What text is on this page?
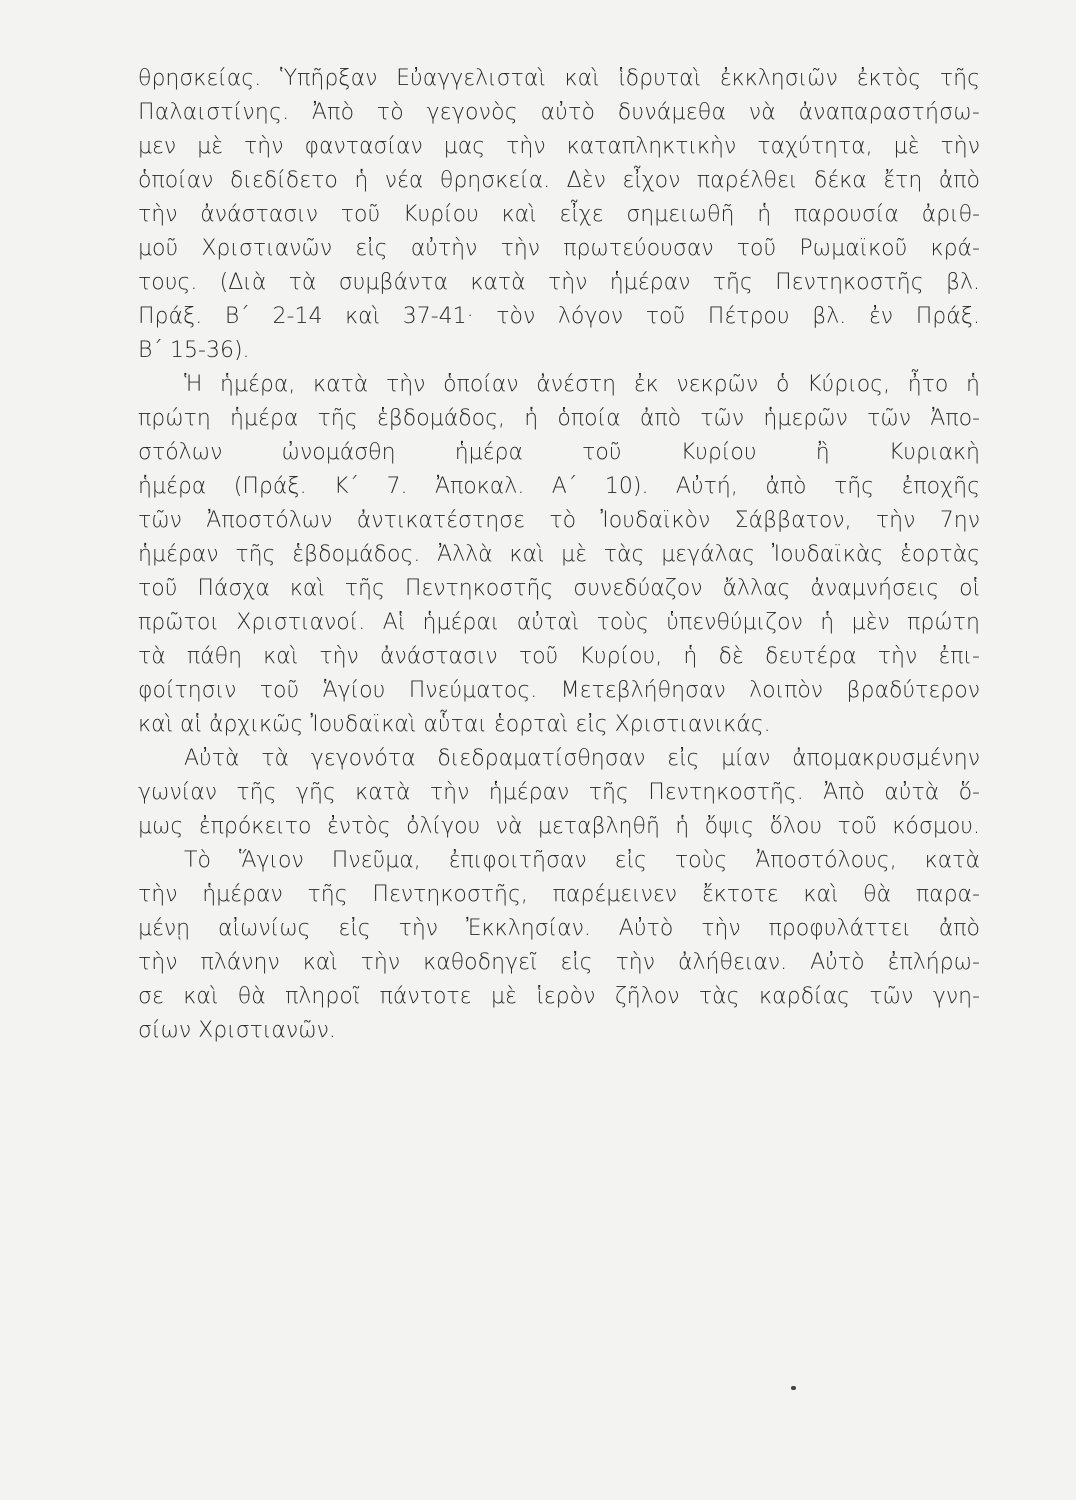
θρησκείας. Ὑπῆρξαν Εὐαγγελισταὶ καὶ ἱδρυταὶ ἐκκλησιῶν ἐκτὸς τῆς
Παλαιστίνης. Ἀπὸ τὸ γεγονὸς αὐτὸ δυνάμεθα νὰ ἀναπαραστήσω-
μεν μὲ τὴν φαντασίαν μας τὴν καταπληκτικὴν ταχύτητα, μὲ τὴν
ὁποίαν διεδίδετο ἡ νέα θρησκεία. Δὲν εἶχον παρέλθει δέκα ἔτη ἀπὸ
τὴν ἀνάστασιν τοῦ Κυρίου καὶ εἶχε σημειωθῆ ἡ παρουσία ἀριθ-
μοῦ Χριστιανῶν εἰς αὐτὴν τὴν πρωτεύουσαν τοῦ Ρωμαϊκοῦ κρά-
τους. (Διὰ τὰ συμβάντα κατὰ τὴν ἡμέραν τῆς Πεντηκοστῆς βλ.
Πράξ. Β΄ 2-14 καὶ 37-41· τὸν λόγον τοῦ Πέτρου βλ. ἐν Πράξ.
Β΄ 15-36).
Ἡ ἡμέρα, κατὰ τὴν ὁποίαν ἀνέστη ἐκ νεκρῶν ὁ Κύριος, ἦτο ἡ
πρώτη ἡμέρα τῆς ἑβδομάδος, ἡ ὁποία ἀπὸ τῶν ἡμερῶν τῶν Ἀπο-
στόλων ὠνομάσθη ἡμέρα τοῦ Κυρίου ἢ Κυριακὴ
ἡμέρα (Πράξ. Κ΄ 7. Ἀποκαλ. Α΄ 10). Αὐτή, ἀπὸ τῆς ἐποχῆς
τῶν Ἀποστόλων ἀντικατέστησε τὸ Ἰουδαϊκὸν Σάββατον, τὴν 7ην
ἡμέραν τῆς ἑβδομάδος. Ἀλλὰ καὶ μὲ τὰς μεγάλας Ἰουδαϊκὰς ἑορτὰς
τοῦ Πάσχα καὶ τῆς Πεντηκοστῆς συνεδύαζον ἄλλας ἀναμνήσεις οἱ
πρῶτοι Χριστιανοί. Αἱ ἡμέραι αὐταὶ τοὺς ὑπενθύμιζον ἡ μὲν πρώτη
τὰ πάθη καὶ τὴν ἀνάστασιν τοῦ Κυρίου, ἡ δὲ δευτέρα τὴν ἐπι-
φοίτησιν τοῦ Ἁγίου Πνεύματος. Μετεβλήθησαν λοιπὸν βραδύτερον
καὶ αἱ ἀρχικῶς Ἰουδαϊκαὶ αὗται ἑορταὶ εἰς Χριστιανικάς.
Αὐτὰ τὰ γεγονότα διεδραματίσθησαν εἰς μίαν ἀπομακρυσμένην
γωνίαν τῆς γῆς κατὰ τὴν ἡμέραν τῆς Πεντηκοστῆς. Ἀπὸ αὐτὰ ὅ-
μως ἐπρόκειτο ἐντὸς ὀλίγου νὰ μεταβληθῆ ἡ ὄψις ὅλου τοῦ κόσμου.
Τὸ Ἅγιον Πνεῦμα, ἐπιφοιτῆσαν εἰς τοὺς Ἀποστόλους, κατὰ
τὴν ἡμέραν τῆς Πεντηκοστῆς, παρέμεινεν ἔκτοτε καὶ θὰ παρα-
μένῃ αἰωνίως εἰς τὴν Ἐκκλησίαν. Αὐτὸ τὴν προφυλάττει ἀπὸ
τὴν πλάνην καὶ τὴν καθοδηγεῖ εἰς τὴν ἀλήθειαν. Αὐτὸ ἐπλήρω-
σε καὶ θὰ πληροῖ πάντοτε μὲ ἱερὸν ζῆλον τὰς καρδίας τῶν γνη-
σίων Χριστιανῶν.
